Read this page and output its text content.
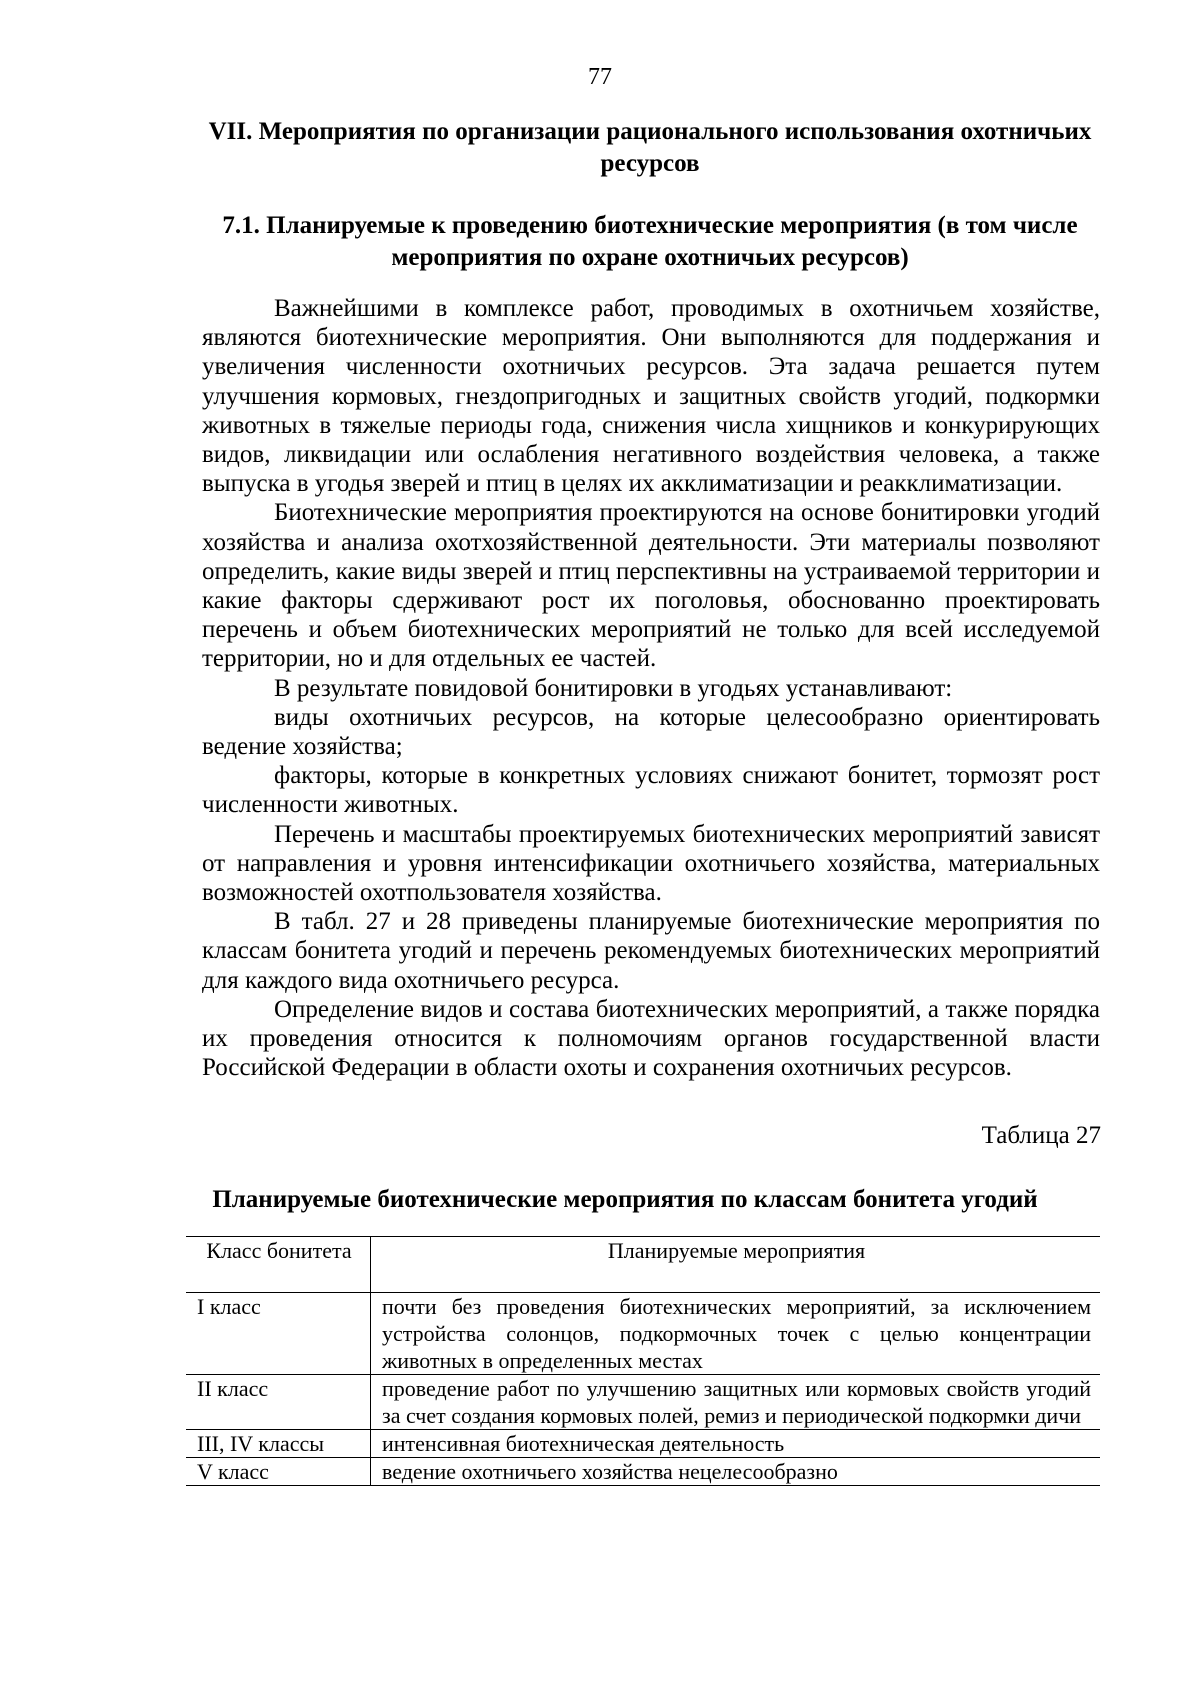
77
VII. Мероприятия по организации рационального использования охотничьих ресурсов
7.1. Планируемые к проведению биотехнические мероприятия (в том числе мероприятия по охране охотничьих ресурсов)

Важнейшими в комплексе работ, проводимых в охотничьем хозяйстве, являются биотехнические мероприятия. Они выполняются для поддержания и увеличения численности охотничьих ресурсов. Эта задача решается путем улучшения кормовых, гнездопригодных и защитных свойств угодий, подкормки животных в тяжелые периоды года, снижения числа хищников и конкурирующих видов, ликвидации или ослабления негативного воздействия человека, а также выпуска в угодья зверей и птиц в целях их акклиматизации и реакклиматизации.

Биотехнические мероприятия проектируются на основе бонитировки угодий хозяйства и анализа охотхозяйственной деятельности. Эти материалы позволяют определить, какие виды зверей и птиц перспективны на устраиваемой территории и какие факторы сдерживают рост их поголовья, обоснованно проектировать перечень и объем биотехнических мероприятий не только для всей исследуемой территории, но и для отдельных ее частей.

В результате повидовой бонитировки в угодьях устанавливают:

виды охотничьих ресурсов, на которые целесообразно ориентировать ведение хозяйства;

факторы, которые в конкретных условиях снижают бонитет, тормозят рост численности животных.

Перечень и масштабы проектируемых биотехнических мероприятий зависят от направления и уровня интенсификации охотничьего хозяйства, материальных возможностей охотпользователя хозяйства.

В табл. 27 и 28 приведены планируемые биотехнические мероприятия по классам бонитета угодий и перечень рекомендуемых биотехнических мероприятий для каждого вида охотничьего ресурса.

Определение видов и состава биотехнических мероприятий, а также порядка их проведения относится к полномочиям органов государственной власти Российской Федерации в области охоты и сохранения охотничьих ресурсов.

Таблица 27
Планируемые биотехнические мероприятия по классам бонитета угодий
Класс бонитета	Планируемые мероприятия
I класс	почти без проведения биотехнических мероприятий, за исключением устройства солонцов, подкормочных точек с целью концентрации животных в определенных местах
II класс	проведение работ по улучшению защитных или кормовых свойств угодий за счет создания кормовых полей, ремиз и периодической подкормки дичи
III, IV классы	интенсивная биотехническая деятельность
V класс	ведение охотничьего хозяйства нецелесообразно
